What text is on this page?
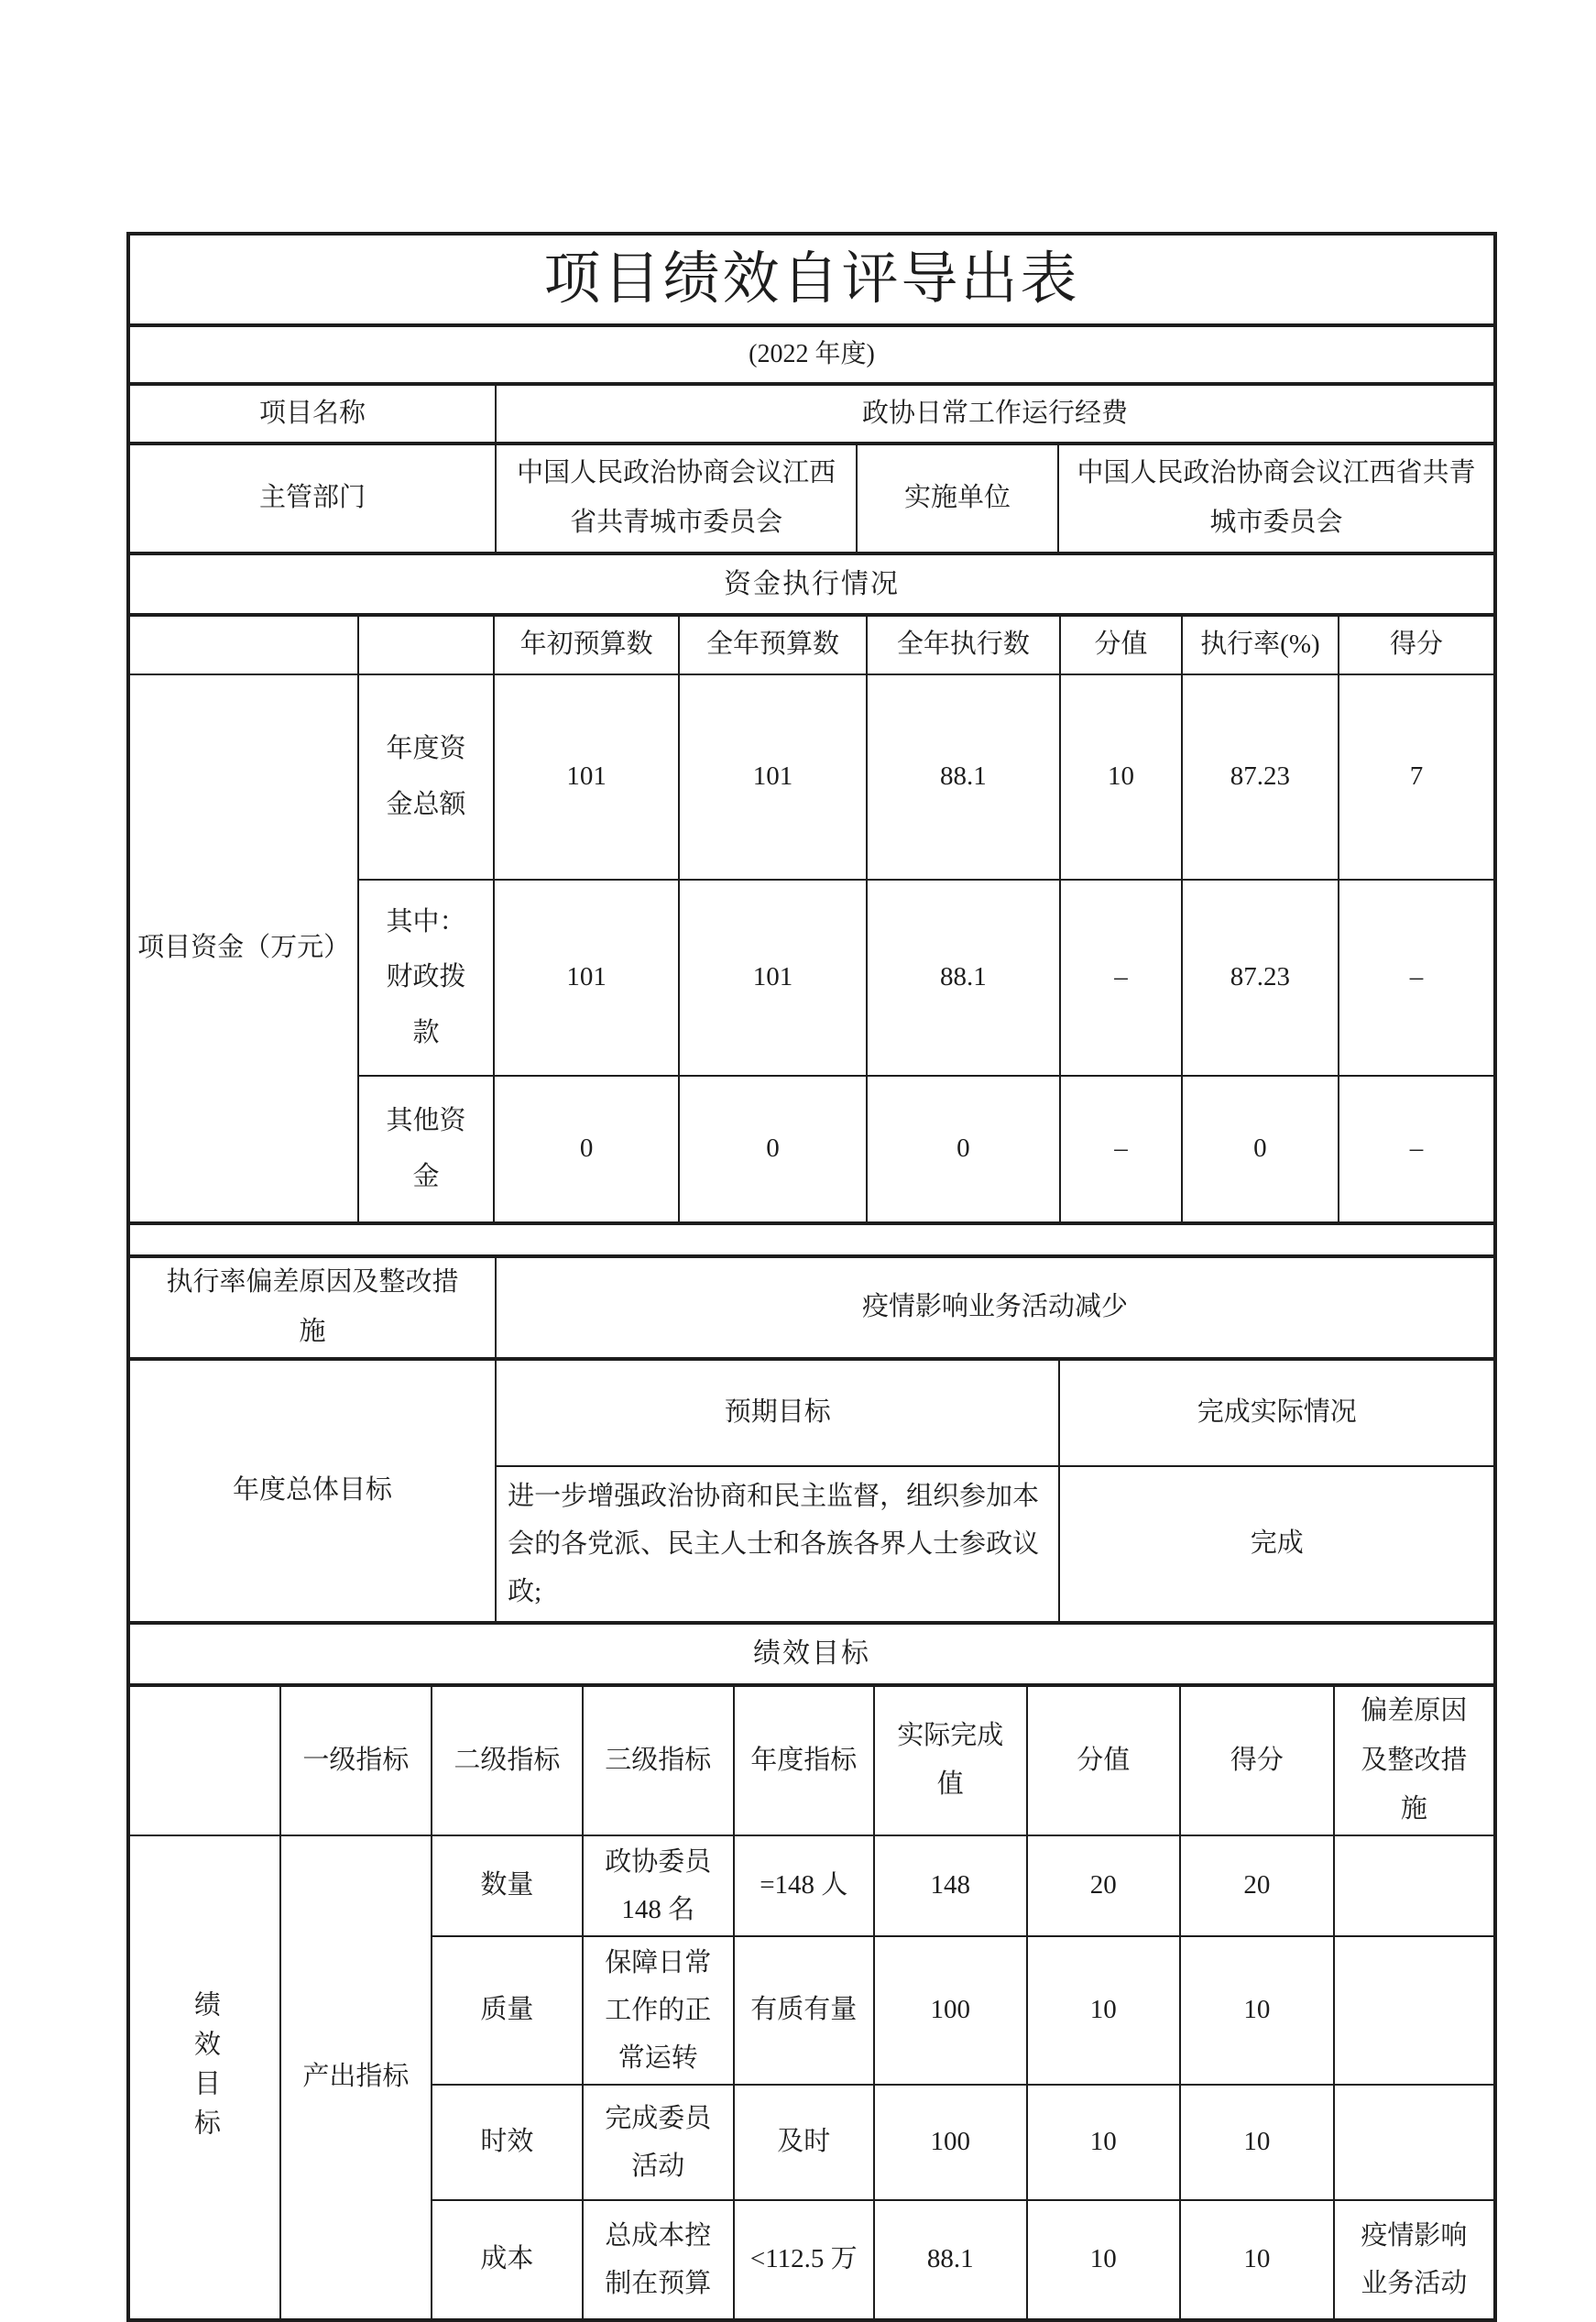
项目绩效自评导出表
(2022 年度)
项目名称	政协日常工作运行经费
主管部门	中国人民政治协商会议江西省共青城市委员会	实施单位	中国人民政治协商会议江西省共青城市委员会
资金执行情况
		年初预算数	全年预算数	全年执行数	分值	执行率(%)	得分
项目资金（万元）	年度资金总额	101	101	88.1	10	87.23	7
	其中：财政拨款	101	101	88.1	–	87.23	–
	其他资金	0	0	0	–	0	–
执行率偏差原因及整改措施	疫情影响业务活动减少
年度总体目标	预期目标	完成实际情况
	进一步增强政治协商和民主监督，组织参加本会的各党派、民主人士和各族各界人士参政议政;	完成
绩效目标
	一级指标	二级指标	三级指标	年度指标	实际完成值	分值	得分	偏差原因及整改措施
绩效目标	产出指标	数量	政协委员148 名	=148 人	148	20	20	
		质量	保障日常工作的正常运转	有质有量	100	10	10	
		时效	完成委员活动	及时	100	10	10	
		成本	总成本控制在预算	<112.5 万	88.1	10	10	疫情影响业务活动
